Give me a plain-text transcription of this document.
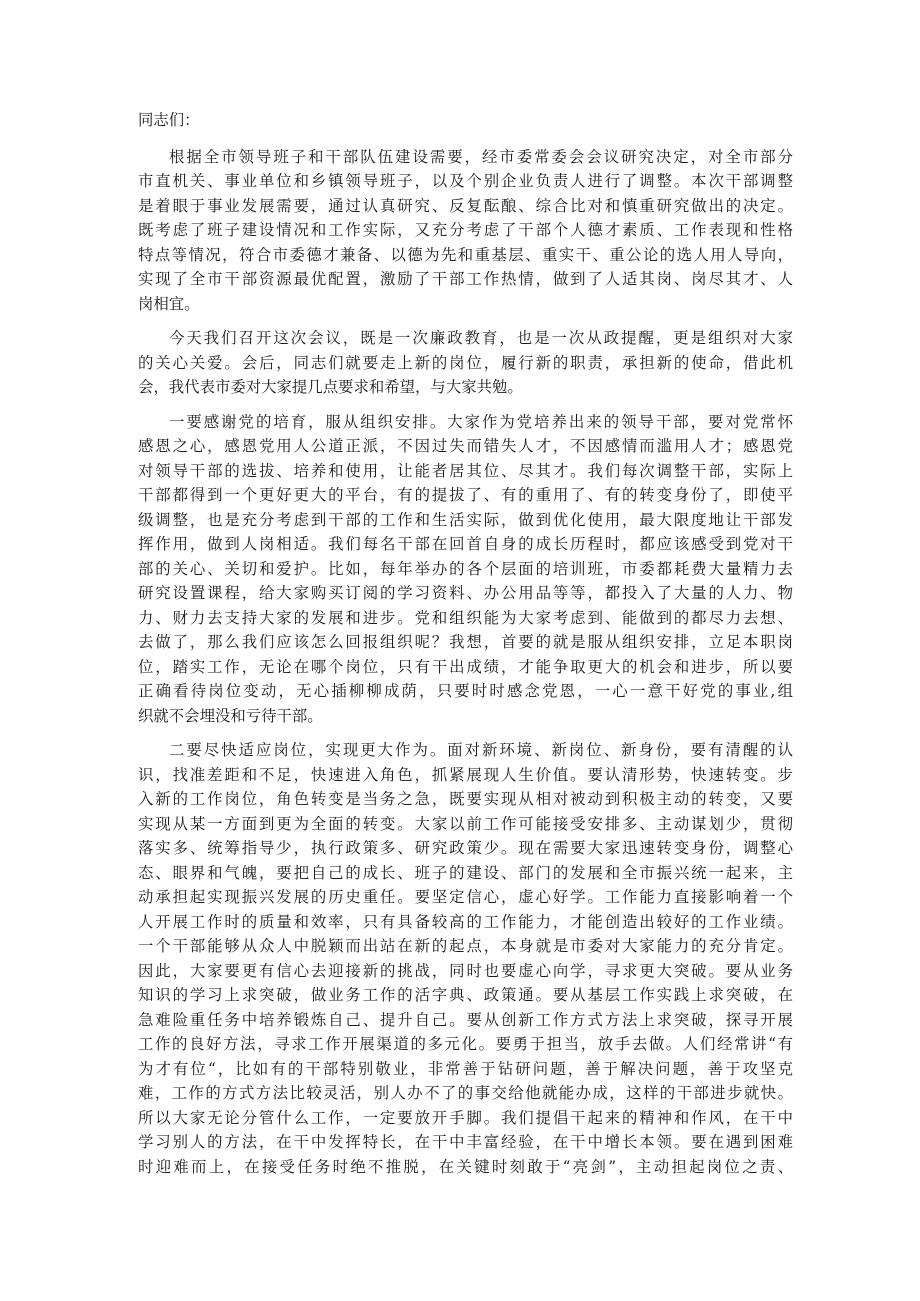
同志们：
根据全市领导班子和干部队伍建设需要，经市委常委会会议研究决定，对全市部分
市直机关、事业单位和乡镇领导班子，以及个别企业负责人进行了调整。本次干部调整
是着眼于事业发展需要，通过认真研究、反复酝酿、综合比对和慎重研究做出的决定。
既考虑了班子建设情况和工作实际，又充分考虑了干部个人德才素质、工作表现和性格
特点等情况，符合市委德才兼备、以德为先和重基层、重实干、重公论的选人用人导向，
实现了全市干部资源最优配置，激励了干部工作热情，做到了人适其岗、岗尽其才、人
岗相宜。
今天我们召开这次会议，既是一次廉政教育，也是一次从政提醒，更是组织对大家
的关心关爱。会后，同志们就要走上新的岗位，履行新的职责，承担新的使命，借此机
会，我代表市委对大家提几点要求和希望，与大家共勉。
一要感谢党的培育，服从组织安排。大家作为党培养出来的领导干部，要对党常怀
感恩之心，感恩党用人公道正派，不因过失而错失人才，不因感情而滥用人才；感恩党
对领导干部的选拔、培养和使用，让能者居其位、尽其才。我们每次调整干部，实际上
干部都得到一个更好更大的平台，有的提拔了、有的重用了、有的转变身份了，即使平
级调整，也是充分考虑到干部的工作和生活实际，做到优化使用，最大限度地让干部发
挥作用，做到人岗相适。我们每名干部在回首自身的成长历程时，都应该感受到党对干
部的关心、关切和爱护。比如，每年举办的各个层面的培训班，市委都耗费大量精力去
研究设置课程，给大家购买订阅的学习资料、办公用品等等，都投入了大量的人力、物
力、财力去支持大家的发展和进步。党和组织能为大家考虑到、能做到的都尽力去想、
去做了，那么我们应该怎么回报组织呢？我想，首要的就是服从组织安排，立足本职岗
位，踏实工作，无论在哪个岗位，只有干出成绩，才能争取更大的机会和进步，所以要
正确看待岗位变动，无心插柳柳成荫，只要时时感念党恩，一心一意干好党的事业,组
织就不会埋没和亏待干部。
二要尽快适应岗位，实现更大作为。面对新环境、新岗位、新身份，要有清醒的认
识，找准差距和不足，快速进入角色，抓紧展现人生价值。要认清形势，快速转变。步
入新的工作岗位，角色转变是当务之急，既要实现从相对被动到积极主动的转变，又要
实现从某一方面到更为全面的转变。大家以前工作可能接受安排多、主动谋划少，贯彻
落实多、统筹指导少，执行政策多、研究政策少。现在需要大家迅速转变身份，调整心
态、眼界和气魄，要把自己的成长、班子的建设、部门的发展和全市振兴统一起来，主
动承担起实现振兴发展的历史重任。要坚定信心，虚心好学。工作能力直接影响着一个
人开展工作时的质量和效率，只有具备较高的工作能力，才能创造出较好的工作业绩。
一个干部能够从众人中脱颖而出站在新的起点，本身就是市委对大家能力的充分肯定。
因此，大家要更有信心去迎接新的挑战，同时也要虚心向学，寻求更大突破。要从业务
知识的学习上求突破，做业务工作的活字典、政策通。要从基层工作实践上求突破，在
急难险重任务中培养锻炼自己、提升自己。要从创新工作方式方法上求突破，探寻开展
工作的良好方法，寻求工作开展渠道的多元化。要勇于担当，放手去做。人们经常讲“有
为才有位“，比如有的干部特别敬业，非常善于钻研问题，善于解决问题，善于攻坚克
难，工作的方式方法比较灵活，别人办不了的事交给他就能办成，这样的干部进步就快。
所以大家无论分管什么工作，一定要放开手脚。我们提倡干起来的精神和作风，在干中
学习别人的方法，在干中发挥特长，在干中丰富经验，在干中增长本领。要在遇到困难
时迎难而上，在接受任务时绝不推脱，在关键时刻敢于“亮剑”，主动担起岗位之责、
